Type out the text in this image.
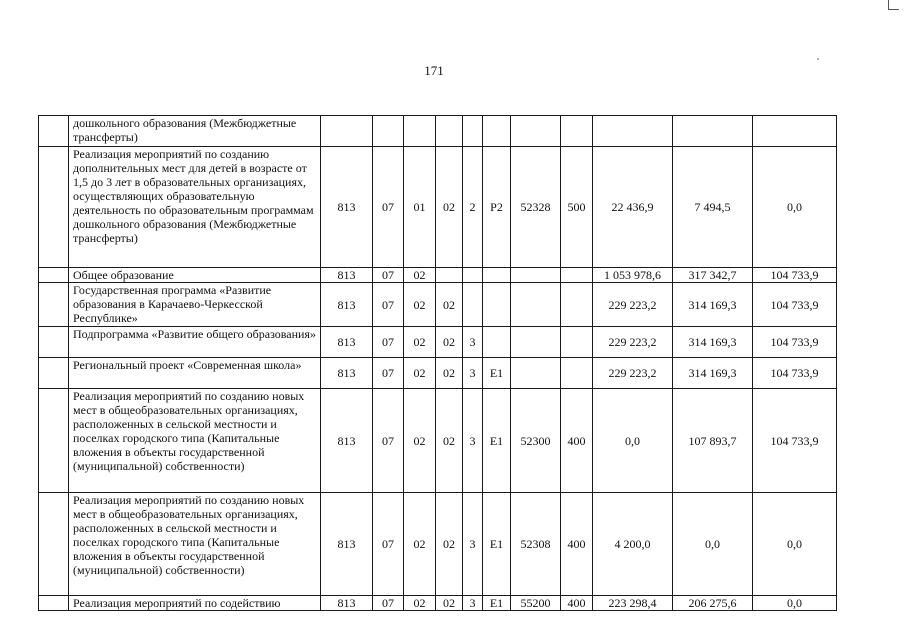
171
	дошкольного образования (Межбюджетные трансферты)											
	Реализация мероприятий по созданию дополнительных мест для детей в возрасте от 1,5 до 3 лет в образовательных организациях, осуществляющих образовательную деятельность по образовательным программам дошкольного образования (Межбюджетные трансферты)	813	07	01	02	2	P2	52328	500	22 436,9	7 494,5	0,0
	Общее образование	813	07	02						1 053 978,6	317 342,7	104 733,9
	Государственная программа «Развитие образования в Карачаево-Черкесской Республике»	813	07	02	02					229 223,2	314 169,3	104 733,9
	Подпрограмма «Развитие общего образования»	813	07	02	02	3				229 223,2	314 169,3	104 733,9
	Региональный проект «Современная школа»	813	07	02	02	3	E1			229 223,2	314 169,3	104 733,9
	Реализация мероприятий по созданию новых мест в общеобразовательных организациях, расположенных в сельской местности и поселках городского типа (Капитальные вложения в объекты государственной (муниципальной) собственности)	813	07	02	02	3	E1	52300	400	0,0	107 893,7	104 733,9
	Реализация мероприятий по созданию новых мест в общеобразовательных организациях, расположенных в сельской местности и поселках городского типа (Капитальные вложения в объекты государственной (муниципальной) собственности)	813	07	02	02	3	E1	52308	400	4 200,0	0,0	0,0
	Реализация мероприятий по содействию	813	07	02	02	3	E1	55200	400	223 298,4	206 275,6	0,0
